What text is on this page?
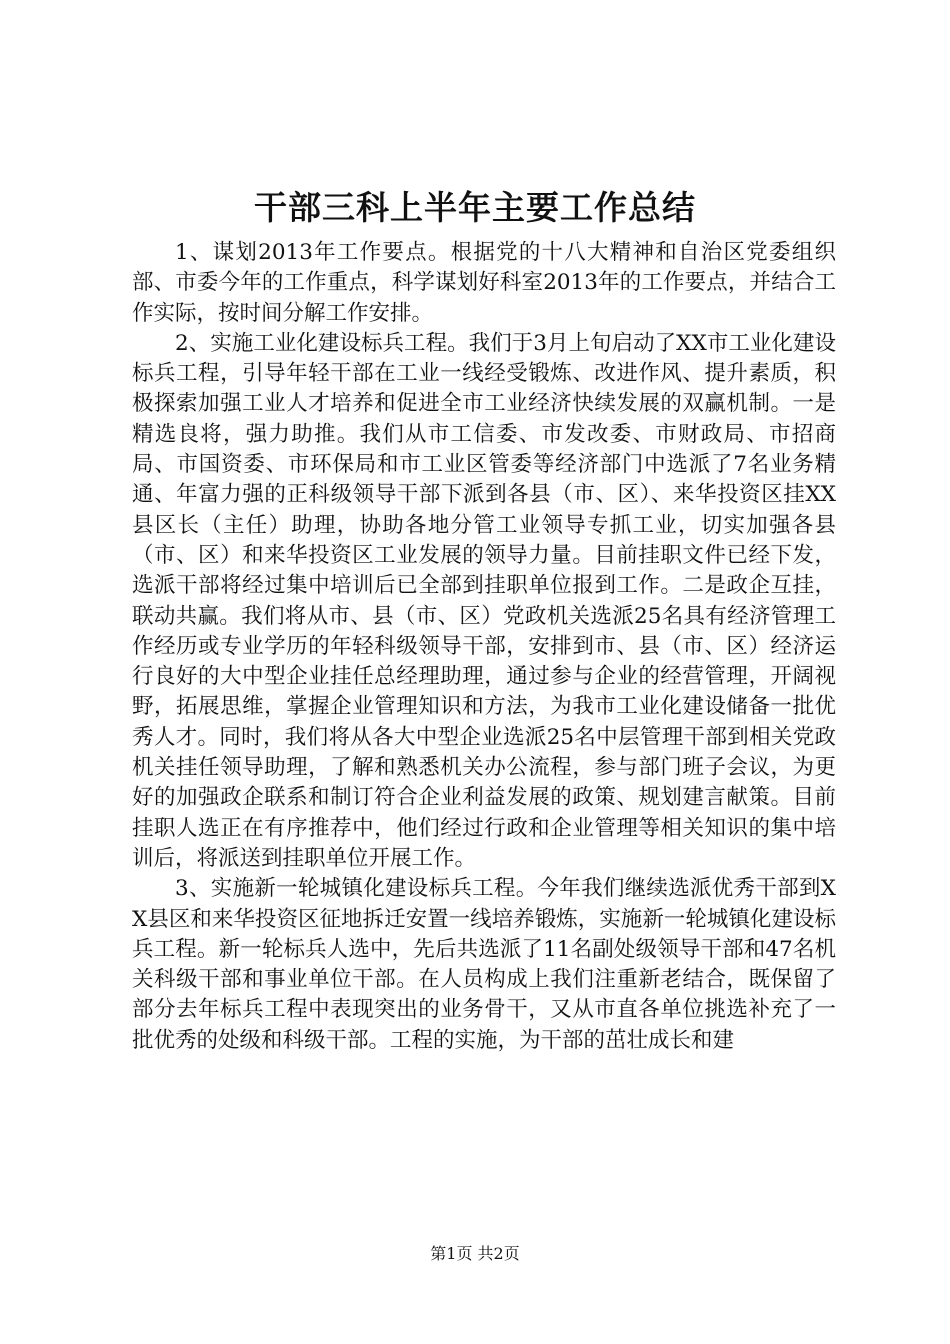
干部三科上半年主要工作总结

1、谋划2013年工作要点。根据党的十八大精神和自治区党委组织部、市委今年的工作重点，科学谋划好科室2013年的工作要点，并结合工作实际，按时间分解工作安排。

2、实施工业化建设标兵工程。我们于3月上旬启动了XX市工业化建设标兵工程，引导年轻干部在工业一线经受锻炼、改进作风、提升素质，积极探索加强工业人才培养和促进全市工业经济快续发展的双赢机制。一是精选良将，强力助推。我们从市工信委、市发改委、市财政局、市招商局、市国资委、市环保局和市工业区管委等经济部门中选派了7名业务精通、年富力强的正科级领导干部下派到各县（市、区）、来华投资区挂XX县区长（主任）助理，协助各地分管工业领导专抓工业，切实加强各县（市、区）和来华投资区工业发展的领导力量。目前挂职文件已经下发，选派干部将经过集中培训后已全部到挂职单位报到工作。二是政企互挂，联动共赢。我们将从市、县（市、区）党政机关选派25名具有经济管理工作经历或专业学历的年轻科级领导干部，安排到市、县（市、区）经济运行良好的大中型企业挂任总经理助理，通过参与企业的经营管理，开阔视野，拓展思维，掌握企业管理知识和方法，为我市工业化建设储备一批优秀人才。同时，我们将从各大中型企业选派25名中层管理干部到相关党政机关挂任领导助理，了解和熟悉机关办公流程，参与部门班子会议，为更好的加强政企联系和制订符合企业利益发展的政策、规划建言献策。目前挂职人选正在有序推荐中，他们经过行政和企业管理等相关知识的集中培训后，将派送到挂职单位开展工作。

3、实施新一轮城镇化建设标兵工程。今年我们继续选派优秀干部到XX县区和来华投资区征地拆迁安置一线培养锻炼，实施新一轮城镇化建设标兵工程。新一轮标兵人选中，先后共选派了11名副处级领导干部和47名机关科级干部和事业单位干部。在人员构成上我们注重新老结合，既保留了部分去年标兵工程中表现突出的业务骨干，又从市直各单位挑选补充了一批优秀的处级和科级干部。工程的实施，为干部的茁壮成长和建

第1页 共2页
